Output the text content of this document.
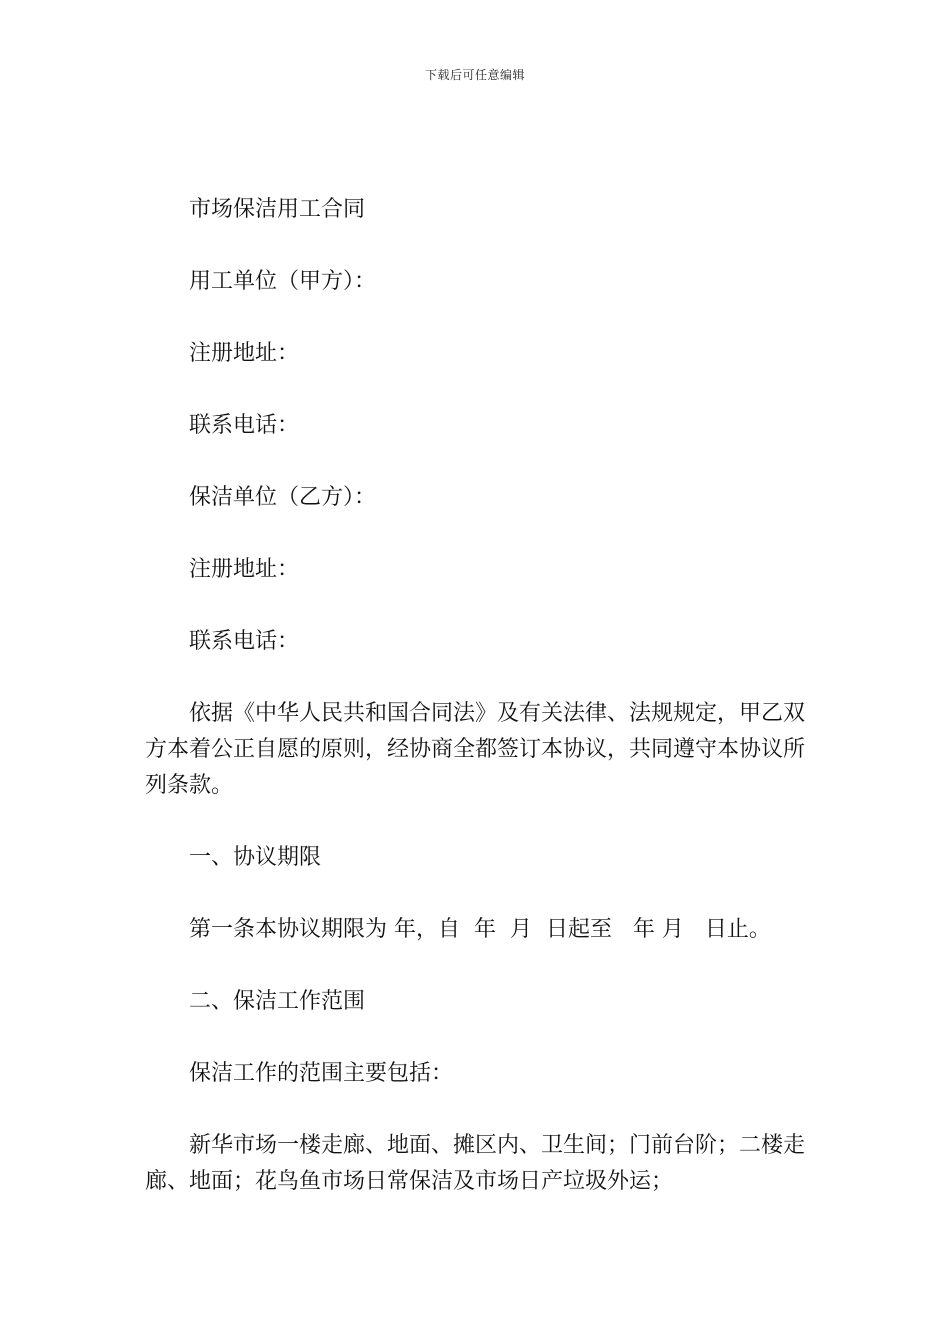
下载后可任意编辑

市场保洁用工合同

用工单位（甲方）：

注册地址：

联系电话：

保洁单位（乙方）：

注册地址：

联系电话：

依据《中华人民共和国合同法》及有关法律、法规规定，甲乙双方本着公正自愿的原则，经协商全都签订本协议，共同遵守本协议所列条款。

一、协议期限

第一条本协议期限为 年，自  年  月  日起至   年 月   日止。

二、保洁工作范围

保洁工作的范围主要包括：

新华市场一楼走廊、地面、摊区内、卫生间；门前台阶；二楼走廊、地面；花鸟鱼市场日常保洁及市场日产垃圾外运；
